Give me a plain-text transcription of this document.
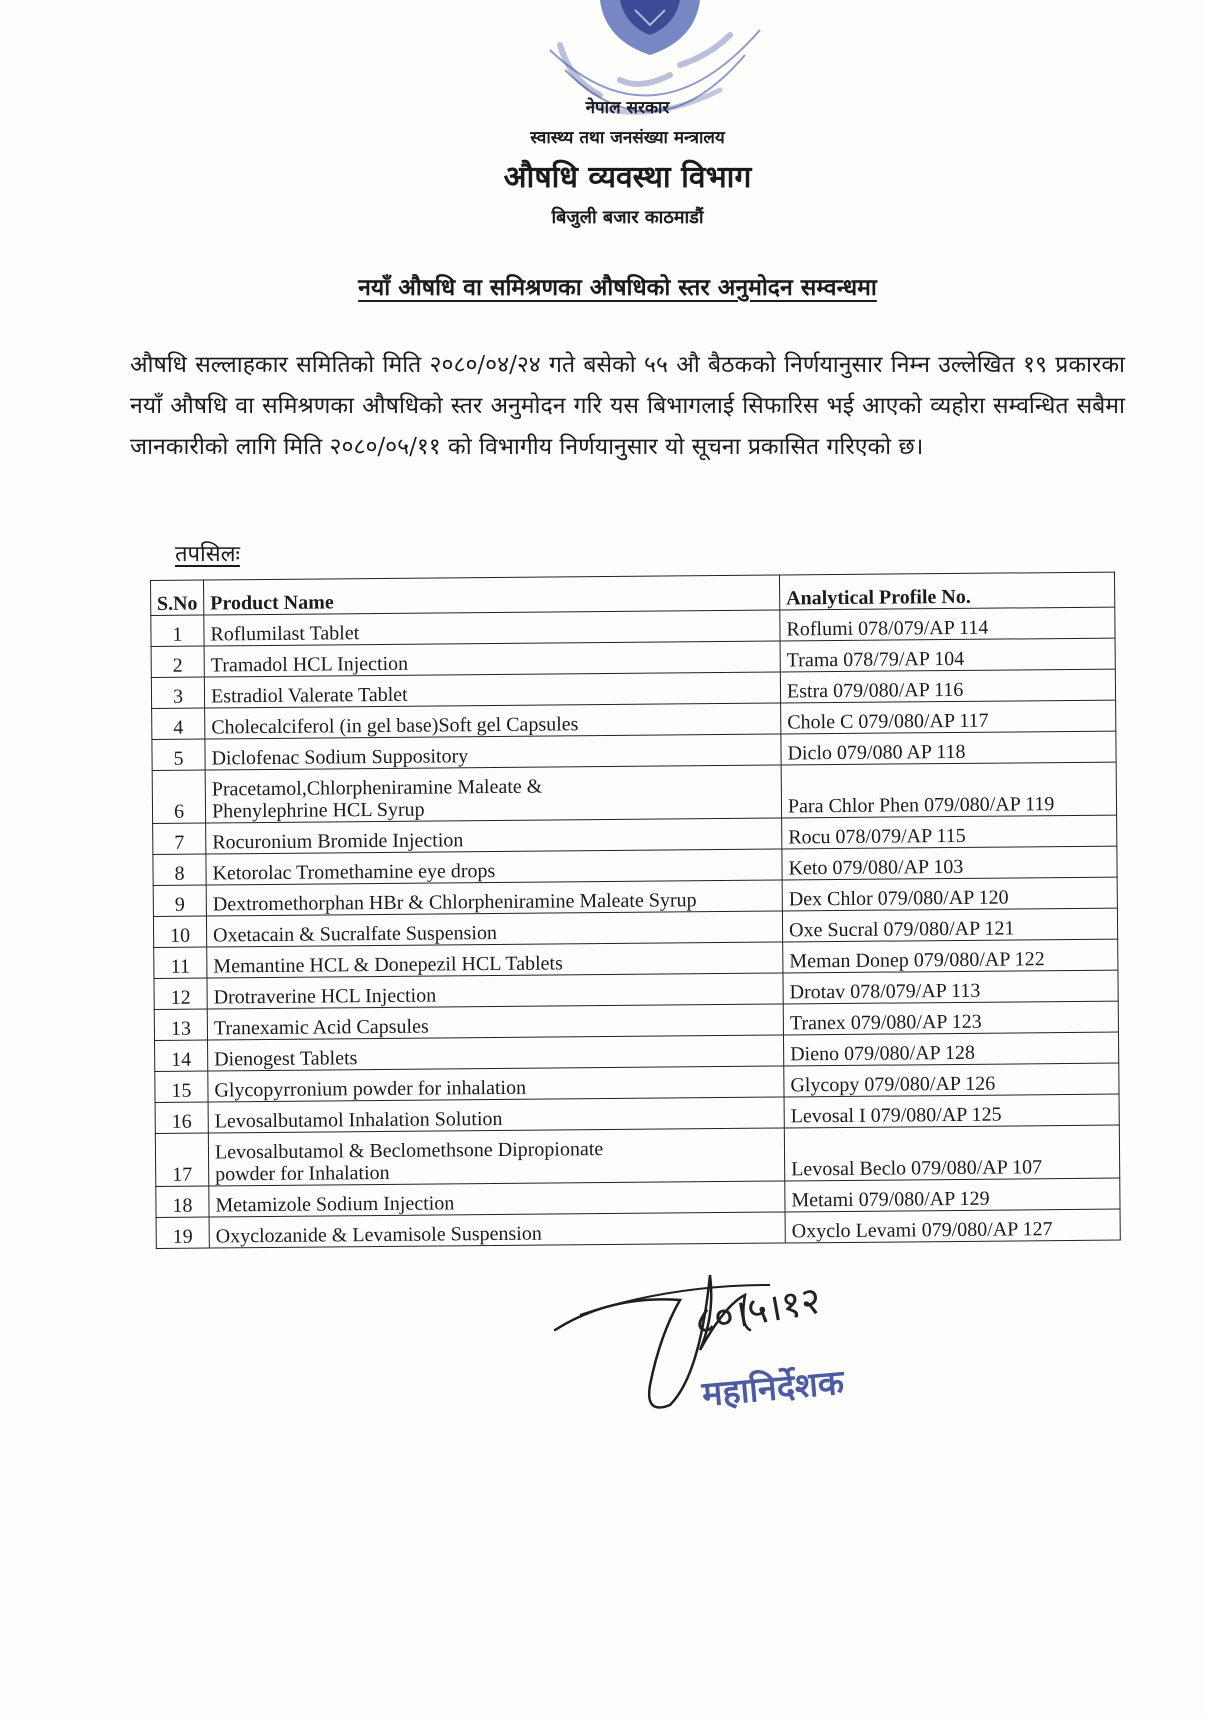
नेपाल सरकार
स्वास्थ्य तथा जनसंख्या मन्त्रालय
औषधि व्यवस्था विभाग
बिजुली बजार काठमाडौं
नयाँ औषधि वा समिश्रणका औषधिको स्तर अनुमोदन सम्वन्धमा
औषधि सल्लाहकार समितिको मिति २०८०/०४/२४ गते बसेको ५५ औ बैठकको निर्णयानुसार निम्न उल्लेखित १९ प्रकारका नयाँ औषधि वा समिश्रणका औषधिको स्तर अनुमोदन गरि यस बिभागलाई सिफारिस भई आएको व्यहोरा सम्वन्धित सबैमा जानकारीको लागि मिति २०८०/०५/११ को विभागीय निर्णयानुसार यो सूचना प्रकासित गरिएको छ।
तपसिलः
S.No	Product Name	Analytical Profile No.
1	Roflumilast Tablet	Roflumi 078/079/AP 114
2	Tramadol HCL Injection	Trama 078/79/AP 104
3	Estradiol Valerate Tablet	Estra 079/080/AP 116
4	Cholecalciferol (in gel base)Soft gel Capsules	Chole C 079/080/AP 117
5	Diclofenac Sodium Suppository	Diclo 079/080 AP 118
6	Pracetamol,Chlorpheniramine Maleate &
Phenylephrine HCL Syrup	Para Chlor Phen 079/080/AP 119
7	Rocuronium Bromide Injection	Rocu 078/079/AP 115
8	Ketorolac Tromethamine eye drops	Keto 079/080/AP 103
9	Dextromethorphan HBr & Chlorpheniramine Maleate Syrup	Dex Chlor 079/080/AP 120
10	Oxetacain & Sucralfate Suspension	Oxe Sucral 079/080/AP 121
11	Memantine HCL & Donepezil HCL Tablets	Meman Donep 079/080/AP 122
12	Drotraverine HCL Injection	Drotav 078/079/AP 113
13	Tranexamic Acid Capsules	Tranex 079/080/AP 123
14	Dienogest Tablets	Dieno 079/080/AP 128
15	Glycopyrronium powder for inhalation	Glycopy 079/080/AP 126
16	Levosalbutamol Inhalation Solution	Levosal I 079/080/AP 125
17	Levosalbutamol & Beclomethsone Dipropionate
powder for Inhalation	Levosal Beclo 079/080/AP 107
18	Metamizole Sodium Injection	Metami 079/080/AP 129
19	Oxyclozanide & Levamisole Suspension	Oxyclo Levami 079/080/AP 127
८०।५।१२
महानिर्देशक
